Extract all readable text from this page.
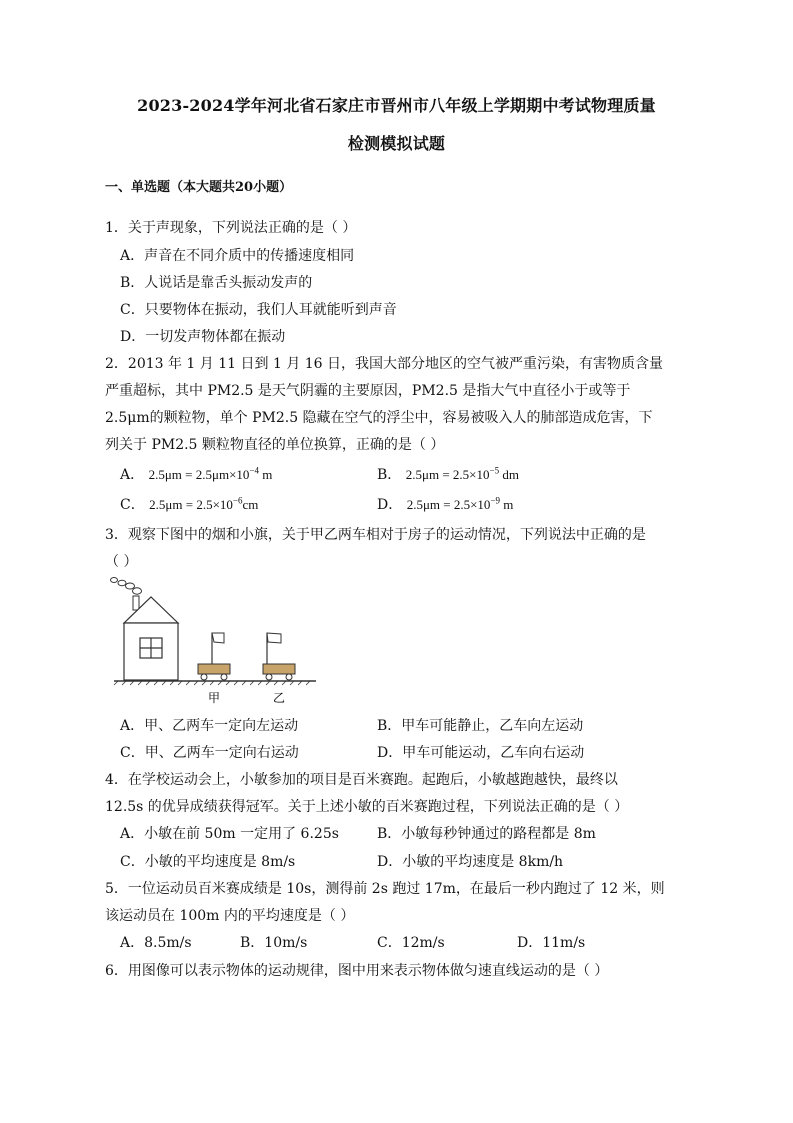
2023-2024学年河北省石家庄市晋州市八年级上学期期中考试物理质量
检测模拟试题
一、单选题（本大题共20小题）
1．关于声现象，下列说法正确的是（ ）
A．声音在不同介质中的传播速度相同
B．人说话是靠舌头振动发声的
C．只要物体在振动，我们人耳就能听到声音
D．一切发声物体都在振动
2．2013 年 1 月 11 日到 1 月 16 日，我国大部分地区的空气被严重污染，有害物质含量
严重超标，其中 PM2.5 是天气阴霾的主要原因，PM2.5 是指大气中直径小于或等于
2.5μm的颗粒物，单个 PM2.5 隐藏在空气的浮尘中，容易被吸入人的肺部造成危害，下
列关于 PM2.5 颗粒物直径的单位换算，正确的是（ ）
A． $2.5\mu m = 2.5\mu m\times 10^{-4}$ m	B． $2.5\mu m = 2.5\times 10^{-5}$ dm
C． $2.5\mu m = 2.5\times 10^{-6}cm$	D． $2.5\mu m = 2.5\times 10^{-9}$ m
3．观察下图中的烟和小旗，关于甲乙两车相对于房子的运动情况，下列说法中正确的是
（ ）
甲	乙
A．甲、乙两车一定向左运动	B．甲车可能静止，乙车向左运动
C．甲、乙两车一定向右运动	D．甲车可能运动，乙车向右运动
4．在学校运动会上，小敏参加的项目是百米赛跑。起跑后，小敏越跑越快，最终以
12.5s 的优异成绩获得冠军。关于上述小敏的百米赛跑过程，下列说法正确的是（ ）
A．小敏在前 50m 一定用了 6.25s	B．小敏每秒钟通过的路程都是 8m
C．小敏的平均速度是 8m/s	D．小敏的平均速度是 8km/h
5．一位运动员百米赛成绩是 10s，测得前 2s 跑过 17m，在最后一秒内跑过了 12 米，则
该运动员在 100m 内的平均速度是（ ）
A．8.5m/s	B．10m/s	C．12m/s	D．11m/s
6．用图像可以表示物体的运动规律，图中用来表示物体做匀速直线运动的是（ ）
